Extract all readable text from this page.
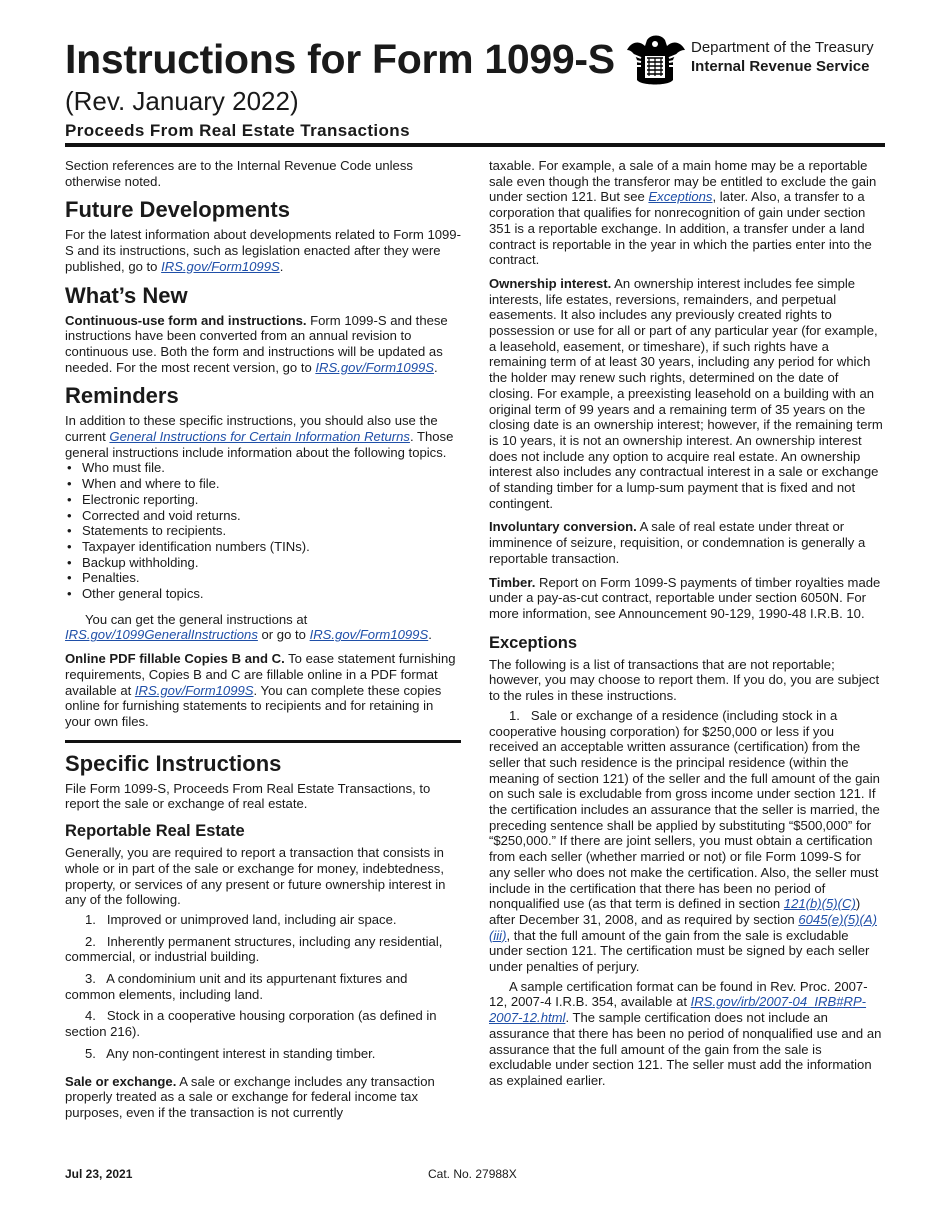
Instructions for Form 1099-S	Department of the Treasury
Internal Revenue Service
(Rev. January 2022)
Proceeds From Real Estate Transactions

Section references are to the Internal Revenue Code unless otherwise noted.

Future Developments

For the latest information about developments related to Form 1099-S and its instructions, such as legislation enacted after they were published, go to IRS.gov/Form1099S.

What’s New

Continuous-use form and instructions. Form 1099-S and these instructions have been converted from an annual revision to continuous use. Both the form and instructions will be updated as needed. For the most recent version, go to IRS.gov/Form1099S.

Reminders

In addition to these specific instructions, you should also use the current General Instructions for Certain Information Returns. Those general instructions include information about the following topics.

• Who must file.
• When and where to file.
• Electronic reporting.
• Corrected and void returns.
• Statements to recipients.
• Taxpayer identification numbers (TINs).
• Backup withholding.
• Penalties.
• Other general topics.

You can get the general instructions at IRS.gov/1099GeneralInstructions or go to IRS.gov/Form1099S.

Online PDF fillable Copies B and C. To ease statement furnishing requirements, Copies B and C are fillable online in a PDF format available at IRS.gov/Form1099S. You can complete these copies online for furnishing statements to recipients and for retaining in your own files.

Specific Instructions

File Form 1099-S, Proceeds From Real Estate Transactions, to report the sale or exchange of real estate.

Reportable Real Estate

Generally, you are required to report a transaction that consists in whole or in part of the sale or exchange for money, indebtedness, property, or services of any present or future ownership interest in any of the following.

1.   Improved or unimproved land, including air space.

2.   Inherently permanent structures, including any residential, commercial, or industrial building.

3.   A condominium unit and its appurtenant fixtures and common elements, including land.

4.   Stock in a cooperative housing corporation (as defined in section 216).

5.   Any non-contingent interest in standing timber.

Sale or exchange. A sale or exchange includes any transaction properly treated as a sale or exchange for federal income tax purposes, even if the transaction is not currently

taxable. For example, a sale of a main home may be a reportable sale even though the transferor may be entitled to exclude the gain under section 121. But see Exceptions, later. Also, a transfer to a corporation that qualifies for nonrecognition of gain under section 351 is a reportable exchange. In addition, a transfer under a land contract is reportable in the year in which the parties enter into the contract.

Ownership interest. An ownership interest includes fee simple interests, life estates, reversions, remainders, and perpetual easements. It also includes any previously created rights to possession or use for all or part of any particular year (for example, a leasehold, easement, or timeshare), if such rights have a remaining term of at least 30 years, including any period for which the holder may renew such rights, determined on the date of closing. For example, a preexisting leasehold on a building with an original term of 99 years and a remaining term of 35 years on the closing date is an ownership interest; however, if the remaining term is 10 years, it is not an ownership interest. An ownership interest does not include any option to acquire real estate. An ownership interest also includes any contractual interest in a sale or exchange of standing timber for a lump-sum payment that is fixed and not contingent.

Involuntary conversion. A sale of real estate under threat or imminence of seizure, requisition, or condemnation is generally a reportable transaction.

Timber. Report on Form 1099-S payments of timber royalties made under a pay-as-cut contract, reportable under section 6050N. For more information, see Announcement 90-129, 1990-48 I.R.B. 10.

Exceptions

The following is a list of transactions that are not reportable; however, you may choose to report them. If you do, you are subject to the rules in these instructions.

1.   Sale or exchange of a residence (including stock in a cooperative housing corporation) for $250,000 or less if you received an acceptable written assurance (certification) from the seller that such residence is the principal residence (within the meaning of section 121) of the seller and the full amount of the gain on such sale is excludable from gross income under section 121. If the certification includes an assurance that the seller is married, the preceding sentence shall be applied by substituting “$500,000” for “$250,000.” If there are joint sellers, you must obtain a certification from each seller (whether married or not) or file Form 1099-S for any seller who does not make the certification. Also, the seller must include in the certification that there has been no period of nonqualified use (as that term is defined in section 121(b)(5)(C)) after December 31, 2008, and as required by section 6045(e)(5)(A)(iii), that the full amount of the gain from the sale is excludable under section 121. The certification must be signed by each seller under penalties of perjury.

A sample certification format can be found in Rev. Proc. 2007-12, 2007-4 I.R.B. 354, available at IRS.gov/irb/2007-04_IRB#RP-2007-12.html. The sample certification does not include an assurance that there has been no period of nonqualified use and an assurance that the full amount of the gain from the sale is excludable under section 121. The seller must add the information as explained earlier.

Jul 23, 2021	Cat. No. 27988X
